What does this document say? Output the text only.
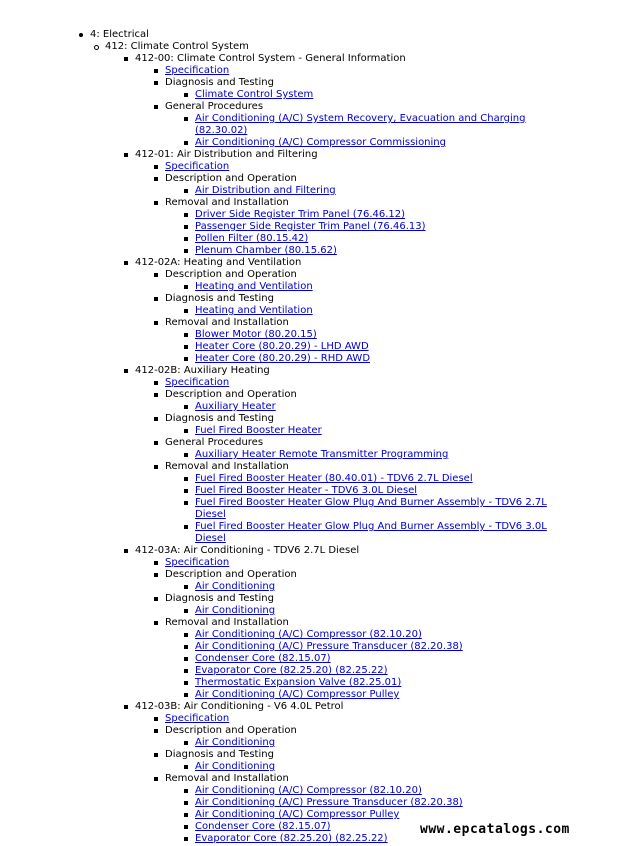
4: Electrical
412: Climate Control System
412-00: Climate Control System - General Information
Specification
Diagnosis and Testing
Climate Control System
General Procedures
Air Conditioning (A/C) System Recovery, Evacuation and Charging (82.30.02)
Air Conditioning (A/C) Compressor Commissioning
412-01: Air Distribution and Filtering
Specification
Description and Operation
Air Distribution and Filtering
Removal and Installation
Driver Side Register Trim Panel (76.46.12)
Passenger Side Register Trim Panel (76.46.13)
Pollen Filter (80.15.42)
Plenum Chamber (80.15.62)
412-02A: Heating and Ventilation
Description and Operation
Heating and Ventilation
Diagnosis and Testing
Heating and Ventilation
Removal and Installation
Blower Motor (80.20.15)
Heater Core (80.20.29) - LHD AWD
Heater Core (80.20.29) - RHD AWD
412-02B: Auxiliary Heating
Specification
Description and Operation
Auxiliary Heater
Diagnosis and Testing
Fuel Fired Booster Heater
General Procedures
Auxiliary Heater Remote Transmitter Programming
Removal and Installation
Fuel Fired Booster Heater (80.40.01) - TDV6 2.7L Diesel
Fuel Fired Booster Heater - TDV6 3.0L Diesel
Fuel Fired Booster Heater Glow Plug And Burner Assembly - TDV6 2.7L Diesel
Fuel Fired Booster Heater Glow Plug And Burner Assembly - TDV6 3.0L Diesel
412-03A: Air Conditioning - TDV6 2.7L Diesel
Specification
Description and Operation
Air Conditioning
Diagnosis and Testing
Air Conditioning
Removal and Installation
Air Conditioning (A/C) Compressor (82.10.20)
Air Conditioning (A/C) Pressure Transducer (82.20.38)
Condenser Core (82.15.07)
Evaporator Core (82.25.20) (82.25.22)
Thermostatic Expansion Valve (82.25.01)
Air Conditioning (A/C) Compressor Pulley
412-03B: Air Conditioning - V6 4.0L Petrol
Specification
Description and Operation
Air Conditioning
Diagnosis and Testing
Air Conditioning
Removal and Installation
Air Conditioning (A/C) Compressor (82.10.20)
Air Conditioning (A/C) Pressure Transducer (82.20.38)
Air Conditioning (A/C) Compressor Pulley
Condenser Core (82.15.07)
Evaporator Core (82.25.20) (82.25.22)
www.epcatalogs.com
